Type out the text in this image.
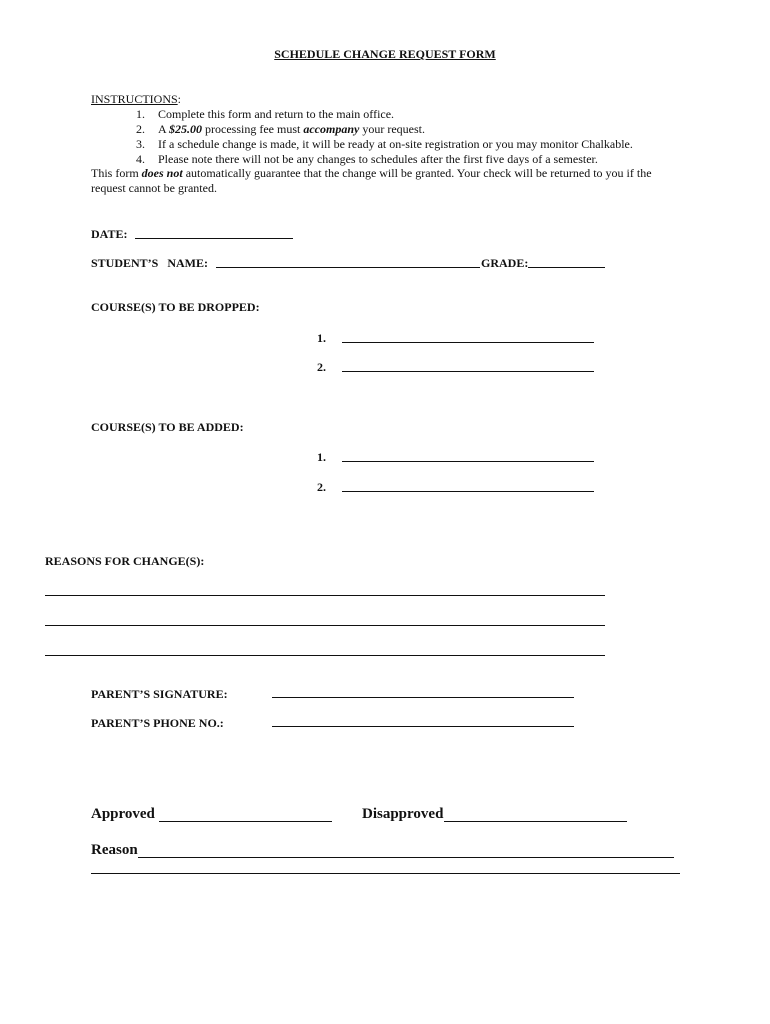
SCHEDULE CHANGE REQUEST FORM
INSTRUCTIONS:
1. Complete this form and return to the main office.
2. A $25.00 processing fee must accompany your request.
3. If a schedule change is made, it will be ready at on-site registration or you may monitor Chalkable.
4. Please note there will not be any changes to schedules after the first five days of a semester.
This form does not automatically guarantee that the change will be granted. Your check will be returned to you if the request cannot be granted.
DATE:
STUDENT’S   NAME:	GRADE:
COURSE(S) TO BE DROPPED:
1.
2.
COURSE(S) TO BE ADDED:
1.
2.
REASONS FOR CHANGE(S):
PARENT’S SIGNATURE:
PARENT’S PHONE NO.:
Approved	Disapproved
Reason
